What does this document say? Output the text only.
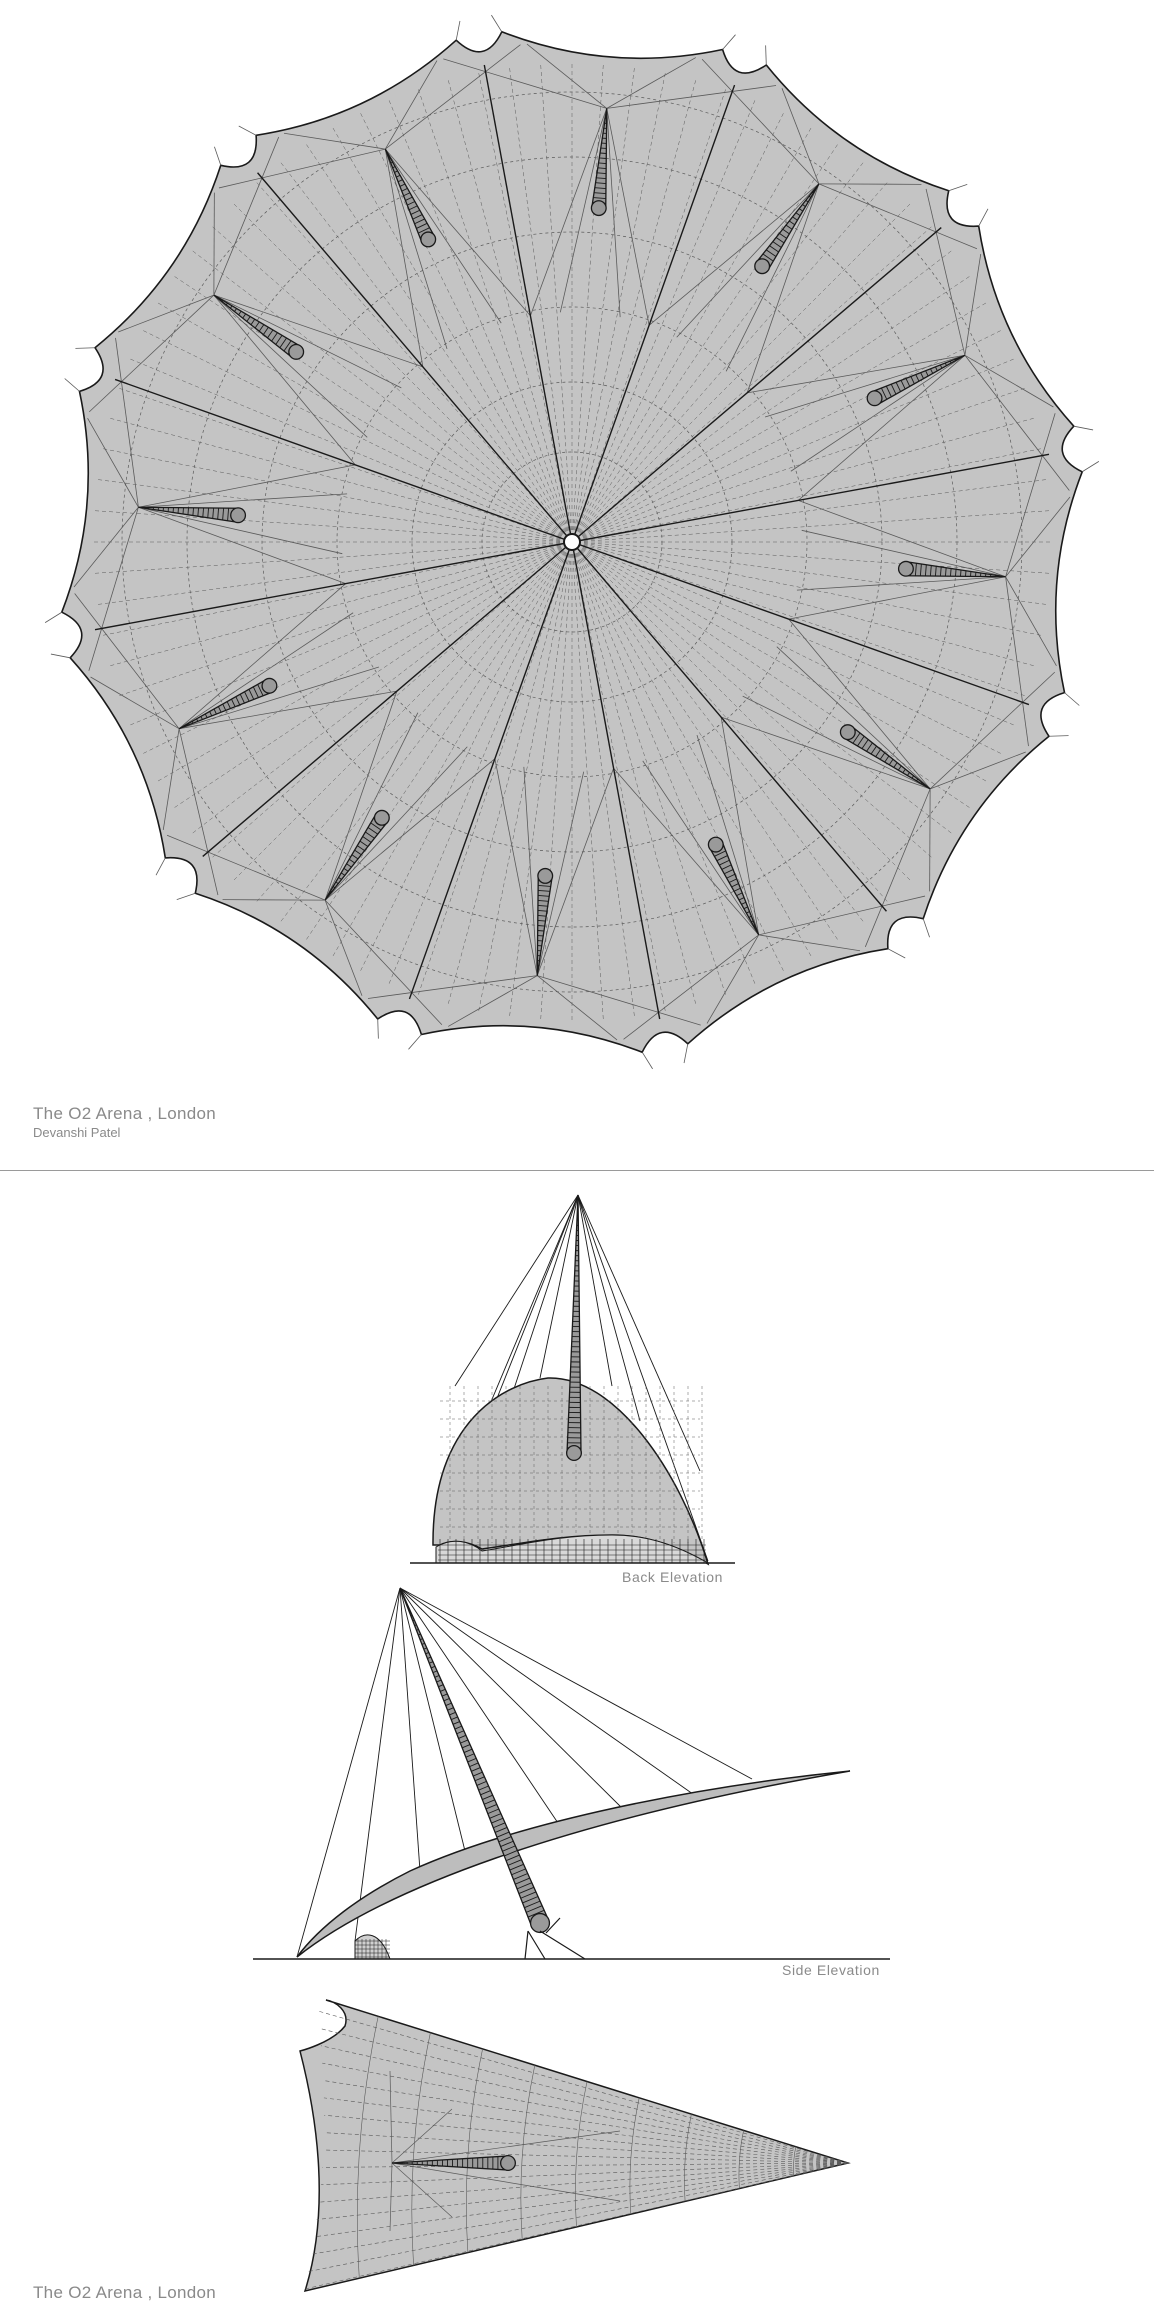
The O2 Arena , London
Devanshi Patel
Back Elevation
Side Elevation
The O2 Arena , London
